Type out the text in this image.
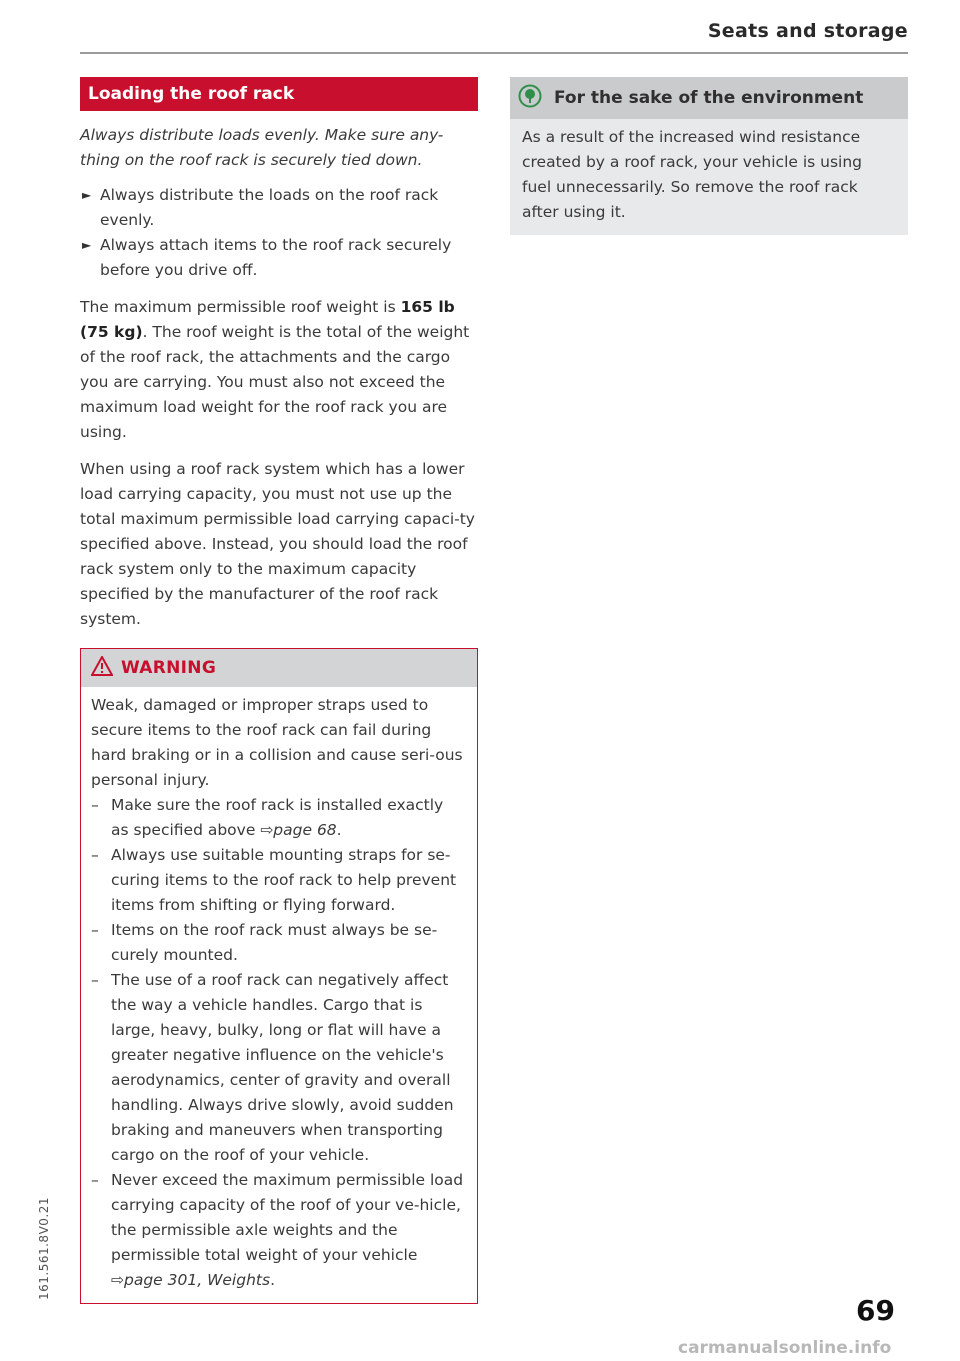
Seats and storage
Loading the roof rack

Always distribute loads evenly. Make sure any-thing on the roof rack is securely tied down.

► Always distribute the loads on the roof rack evenly.
► Always attach items to the roof rack securely before you drive off.

The maximum permissible roof weight is 165 lb (75 kg). The roof weight is the total of the weight of the roof rack, the attachments and the cargo you are carrying. You must also not exceed the maximum load weight for the roof rack you are using.

When using a roof rack system which has a lower load carrying capacity, you must not use up the total maximum permissible load carrying capaci-ty specified above. Instead, you should load the roof rack system only to the maximum capacity specified by the manufacturer of the roof rack system.

WARNING
Weak, damaged or improper straps used to secure items to the roof rack can fail during hard braking or in a collision and cause seri-ous personal injury.
– Make sure the roof rack is installed exactly as specified above ⇨page 68.
– Always use suitable mounting straps for se-curing items to the roof rack to help prevent items from shifting or flying forward.
– Items on the roof rack must always be se-curely mounted.
– The use of a roof rack can negatively affect the way a vehicle handles. Cargo that is large, heavy, bulky, long or flat will have a greater negative influence on the vehicle's aerodynamics, center of gravity and overall handling. Always drive slowly, avoid sudden braking and maneuvers when transporting cargo on the roof of your vehicle.
– Never exceed the maximum permissible load carrying capacity of the roof of your ve-hicle, the permissible axle weights and the permissible total weight of your vehicle ⇨page 301, Weights.
For the sake of the environment
As a result of the increased wind resistance created by a roof rack, your vehicle is using fuel unnecessarily. So remove the roof rack after using it.
161.561.8V0.21
69
carmanualsonline.info
